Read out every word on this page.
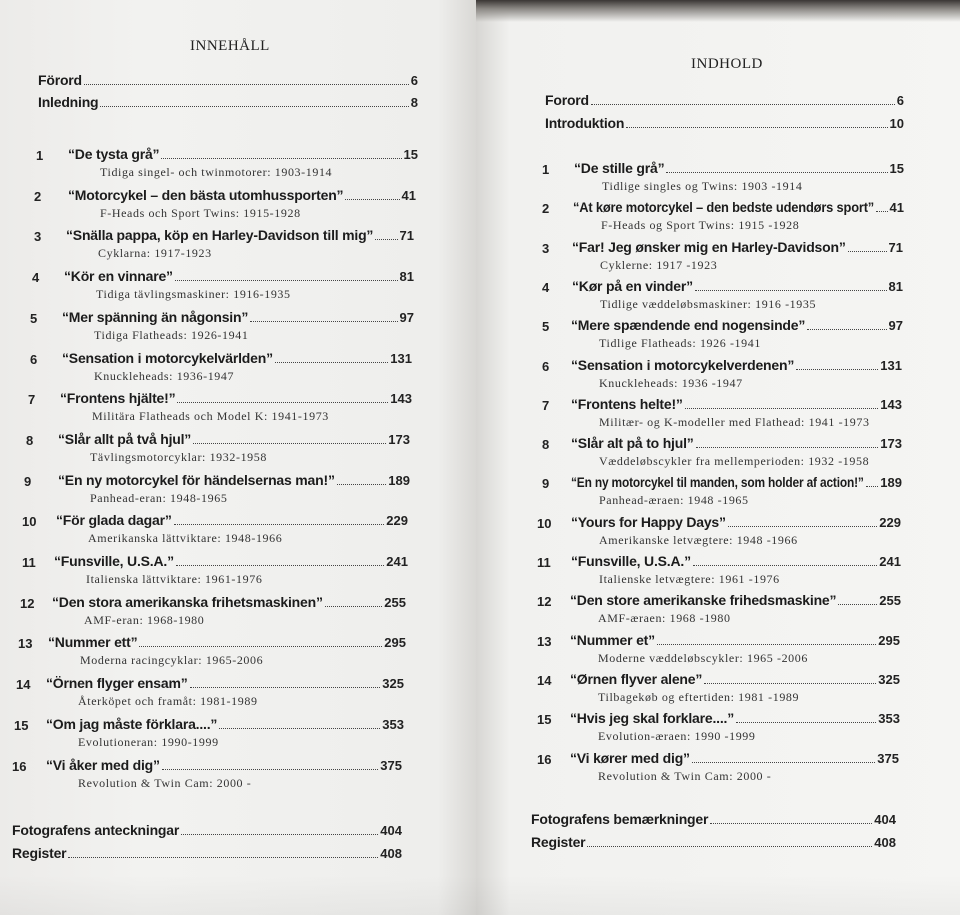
INNEHÅLL
Förord	6
Inledning	8
1 “De tysta grå”	15
Tidiga singel- och twinmotorer: 1903-1914
2 “Motorcykel – den bästa utomhussporten”	41
F-Heads och Sport Twins: 1915-1928
3 “Snälla pappa, köp en Harley-Davidson till mig” 71
Cyklarna: 1917-1923
4 “Kör en vinnare”	81
Tidiga tävlingsmaskiner: 1916-1935
5 “Mer spänning än någonsin”	97
Tidiga Flatheads: 1926-1941
6 “Sensation i motorcykelvärlden”	131
Knuckleheads: 1936-1947
7 “Frontens hjälte!”	143
Militära Flatheads och Model K: 1941-1973
8 “Slår allt på två hjul”	173
Tävlingsmotorcyklar: 1932-1958
9 “En ny motorcykel för händelsernas man!”	189
Panhead-eran: 1948-1965
10 “För glada dagar”	229
Amerikanska lättviktare: 1948-1966
11 “Funsville, U.S.A.”	241
Italienska lättviktare: 1961-1976
12 “Den stora amerikanska frihetsmaskinen”	255
AMF-eran: 1968-1980
13 “Nummer ett”	295
Moderna racingcyklar: 1965-2006
14 “Örnen flyger ensam”	325
Återköpet och framåt: 1981-1989
15 “Om jag måste förklara....”	353
Evolutioneran: 1990-1999
16 “Vi åker med dig”	375
Revolution & Twin Cam: 2000 -
Fotografens anteckningar	404
Register	408
INDHOLD
Forord	6
Introduktion	10
1 “De stille grå”	15
Tidlige singles og Twins: 1903 -1914
2 “At køre motorcykel – den bedste udendørs sport” 41
F-Heads og Sport Twins: 1915 -1928
3 “Far! Jeg ønsker mig en Harley-Davidson”	71
Cyklerne: 1917 -1923
4 “Kør på en vinder”	81
Tidlige væddeløbsmaskiner: 1916 -1935
5 “Mere spændende end nogensinde”	97
Tidlige Flatheads: 1926 -1941
6 “Sensation i motorcykelverdenen”	131
Knuckleheads: 1936 -1947
7 “Frontens helte!”	143
Militær- og K-modeller med Flathead: 1941 -1973
8 “Slår alt på to hjul”	173
Væddeløbscykler fra mellemperioden: 1932 -1958
9 “En ny motorcykel til manden, som holder af action!” 189
Panhead-æraen: 1948 -1965
10 “Yours for Happy Days”	229
Amerikanske letvægtere: 1948 -1966
11 “Funsville, U.S.A.”	241
Italienske letvægtere: 1961 -1976
12 “Den store amerikanske frihedsmaskine”	255
AMF-æraen: 1968 -1980
13 “Nummer et”	295
Moderne væddeløbscykler: 1965 -2006
14 “Ørnen flyver alene”	325
Tilbagekøb og eftertiden: 1981 -1989
15 “Hvis jeg skal forklare....”	353
Evolution-æraen: 1990 -1999
16 “Vi kører med dig”	375
Revolution & Twin Cam: 2000 -
Fotografens bemærkninger	404
Register	408
